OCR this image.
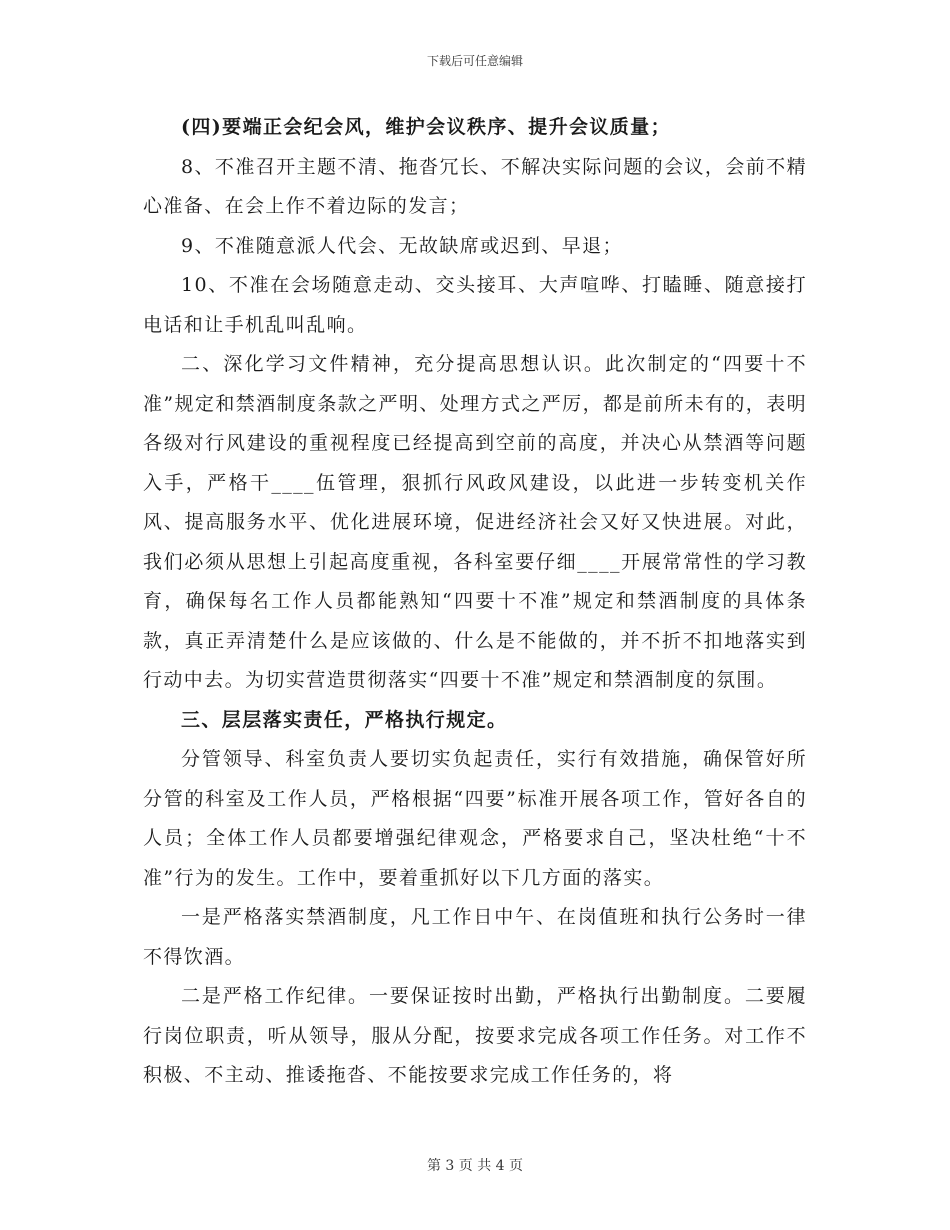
下载后可任意编辑

(四)要端正会纪会风，维护会议秩序、提升会议质量；

8、不准召开主题不清、拖沓冗长、不解决实际问题的会议，会前不精心准备、在会上作不着边际的发言；

9、不准随意派人代会、无故缺席或迟到、早退；

10、不准在会场随意走动、交头接耳、大声喧哗、打瞌睡、随意接打电话和让手机乱叫乱响。

二、深化学习文件精神，充分提高思想认识。此次制定的“四要十不准”规定和禁酒制度条款之严明、处理方式之严厉，都是前所未有的，表明各级对行风建设的重视程度已经提高到空前的高度，并决心从禁酒等问题入手，严格干____伍管理，狠抓行风政风建设，以此进一步转变机关作风、提高服务水平、优化进展环境，促进经济社会又好又快进展。对此，我们必须从思想上引起高度重视，各科室要仔细____开展常常性的学习教育，确保每名工作人员都能熟知“四要十不准”规定和禁酒制度的具体条款，真正弄清楚什么是应该做的、什么是不能做的，并不折不扣地落实到行动中去。为切实营造贯彻落实“四要十不准”规定和禁酒制度的氛围。

三、层层落实责任，严格执行规定。

分管领导、科室负责人要切实负起责任，实行有效措施，确保管好所分管的科室及工作人员，严格根据“四要”标准开展各项工作，管好各自的人员；全体工作人员都要增强纪律观念，严格要求自己，坚决杜绝“十不准”行为的发生。工作中，要着重抓好以下几方面的落实。

一是严格落实禁酒制度，凡工作日中午、在岗值班和执行公务时一律不得饮酒。

二是严格工作纪律。一要保证按时出勤，严格执行出勤制度。二要履行岗位职责，听从领导，服从分配，按要求完成各项工作任务。对工作不积极、不主动、推诿拖沓、不能按要求完成工作任务的，将

第 3 页 共 4 页
